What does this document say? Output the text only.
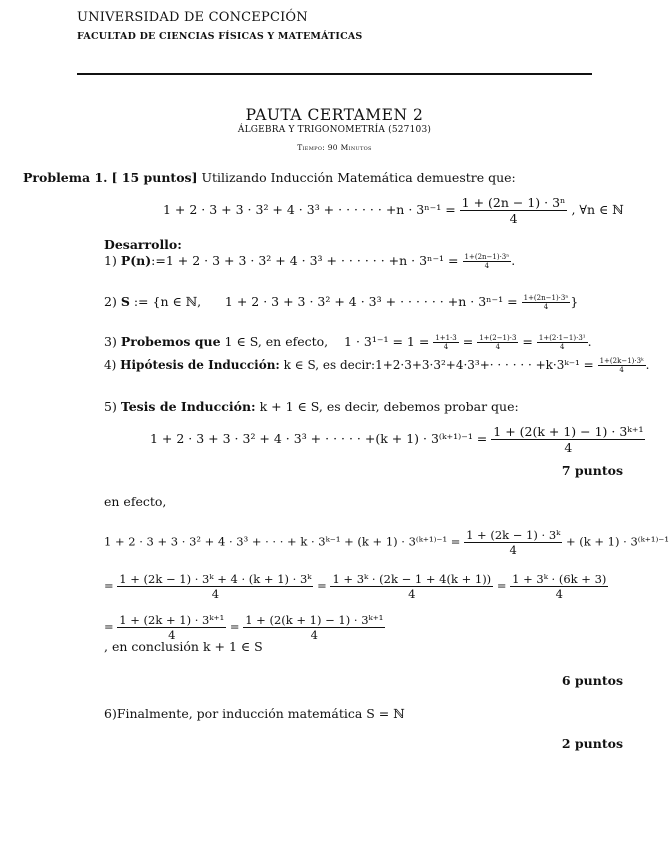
UNIVERSIDAD DE CONCEPCIÓN
FACULTAD DE CIENCIAS FÍSICAS Y MATEMÁTICAS
PAUTA CERTAMEN 2
ÁLGEBRA Y TRIGONOMETRÍA (527103)
Tiempo: 90 Minutos
Problema 1. [ 15 puntos] Utilizando Inducción Matemática demuestre que:
1 + 2 · 3 + 3 · 3² + 4 · 3³ + · · · · · · $+n \cdot 3^{n-1} = \frac{\text{1 + (2n − 1) · 3ⁿ}}{4}$ , ∀n ∈ ℕ
Desarrollo:
1) P(n):=1 + 2 · 3 + 3 · 3² + 4 · 3³ + · · · · · · $+n \cdot 3^{n-1} = \frac{\text{1+(2n−1)·3ⁿ}}{4}$ .
2) S := {n ∈ ℕ,      1 + 2 · 3 + 3 · 3² + 4 · 3³ + · · · · · · $+n \cdot 3^{n-1} = \frac{\text{1+(2n−1)·3ⁿ}}{4}$ }
3) Probemos que 1 ∈ S, en efecto,    $1 \cdot 3^{1-1} = 1 = \frac{1+1\cdot 3}{4} = \frac{1+(2-1)\cdot 3}{4} = \frac{\text{1+(2·1−1)·3¹}}{4}$ .
4) Hipótesis de Inducción: k ∈ S, es decir:1+2·3+3·3²+4·3³+· · · · · · +k·3ᵏ⁻¹ = $\frac{\text{1+(2k−1)·3ᵏ}}{4}$ .
5) Tesis de Inducción: k + 1 ∈ S, es decir, debemos probar que:
1 + 2 · 3 + 3 · 3² + 4 · 3³ + · · · · · +(k + 1) · 3⁽ᵏ⁺¹⁾⁻¹ = $\frac{\text{1 + (2(k + 1) − 1) · 3ᵏ⁺¹}}{4}$
7 puntos
en efecto,
1 + 2 · 3 + 3 · 3² + 4 · 3³ + · · · + k · 3ᵏ⁻¹ + (k + 1) · 3⁽ᵏ⁺¹⁾⁻¹ = $\frac{\text{1 + (2k − 1) · 3ᵏ}}{4} + (k + 1)$ · 3⁽ᵏ⁺¹⁾⁻¹
= $\frac{\text{1 + (2k − 1) · 3ᵏ + 4 · (k + 1) · 3ᵏ}}{4} = \frac{\text{1 + 3ᵏ · (2k − 1 + 4(k + 1))}}{4} = \frac{\text{1 + 3ᵏ · (6k + 3)}}{4}$
= $\frac{\text{1 + (2k + 1) · 3ᵏ⁺¹}}{4} = \frac{\text{1 + (2(k + 1) − 1) · 3ᵏ⁺¹}}{4}$
, en conclusión k + 1 ∈ S
6 puntos
6)Finalmente, por inducción matemática S = ℕ
2 puntos
